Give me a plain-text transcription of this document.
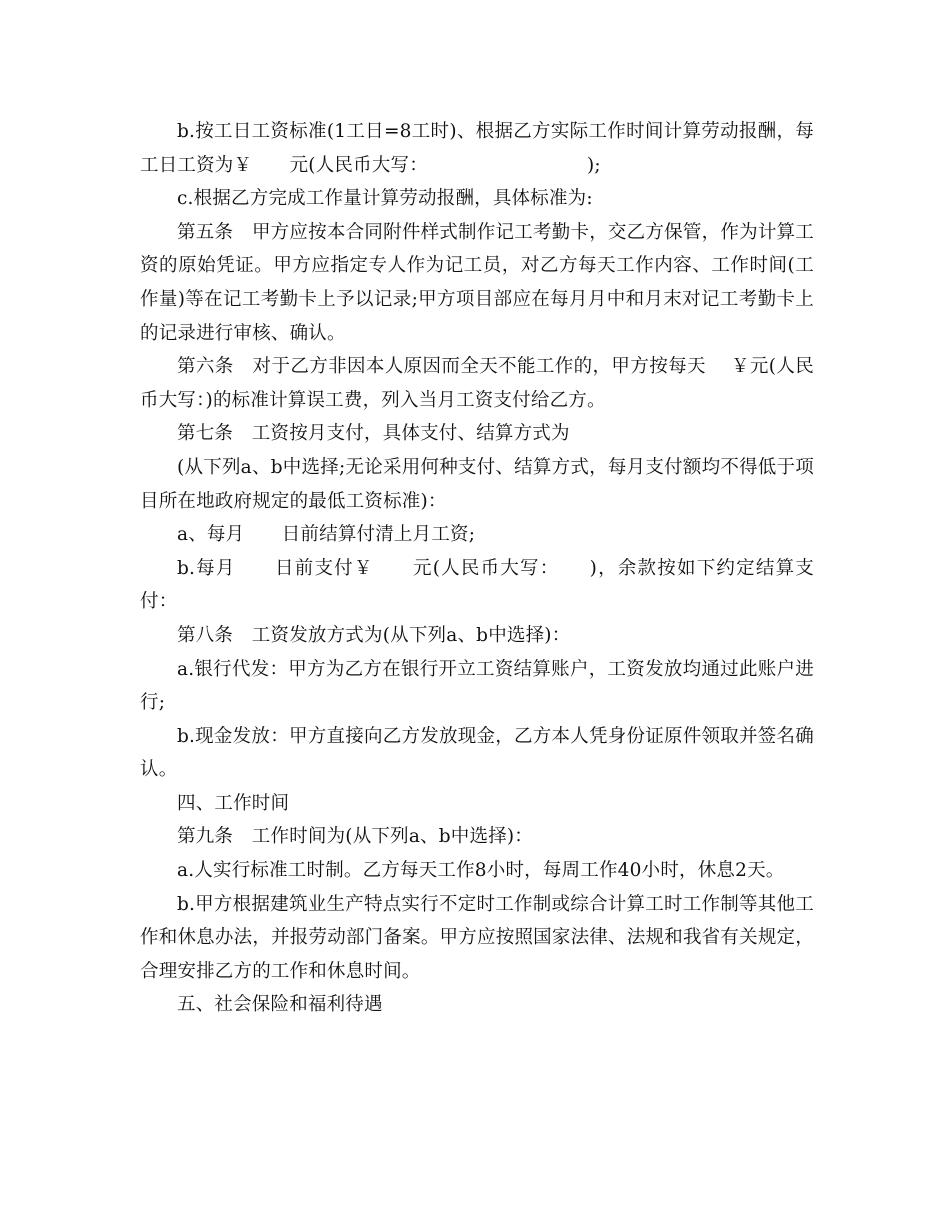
b.按工日工资标准(1工日=8工时)、根据乙方实际工作时间计算劳动报酬，每工日工资为￥　　元(人民币大写：　　　　　　　　　);

c.根据乙方完成工作量计算劳动报酬，具体标准为:

第五条　甲方应按本合同附件样式制作记工考勤卡，交乙方保管，作为计算工资的原始凭证。甲方应指定专人作为记工员，对乙方每天工作内容、工作时间(工作量)等在记工考勤卡上予以记录;甲方项目部应在每月月中和月末对记工考勤卡上的记录进行审核、确认。

第六条　对于乙方非因本人原因而全天不能工作的，甲方按每天　 ￥元(人民币大写：)的标准计算误工费，列入当月工资支付给乙方。

第七条　工资按月支付，具体支付、结算方式为

(从下列a、b中选择;无论采用何种支付、结算方式，每月支付额均不得低于项目所在地政府规定的最低工资标准)：

a、每月　　日前结算付清上月工资;

b.每月　　日前支付￥　　元(人民币大写：　　)，余款按如下约定结算支付：

第八条　工资发放方式为(从下列a、b中选择)：

a.银行代发：甲方为乙方在银行开立工资结算账户，工资发放均通过此账户进行;

b.现金发放：甲方直接向乙方发放现金，乙方本人凭身份证原件领取并签名确认。

四、工作时间

第九条　工作时间为(从下列a、b中选择)：

a.人实行标准工时制。乙方每天工作8小时，每周工作40小时，休息2天。

b.甲方根据建筑业生产特点实行不定时工作制或综合计算工时工作制等其他工作和休息办法，并报劳动部门备案。甲方应按照国家法律、法规和我省有关规定，合理安排乙方的工作和休息时间。

五、社会保险和福利待遇
